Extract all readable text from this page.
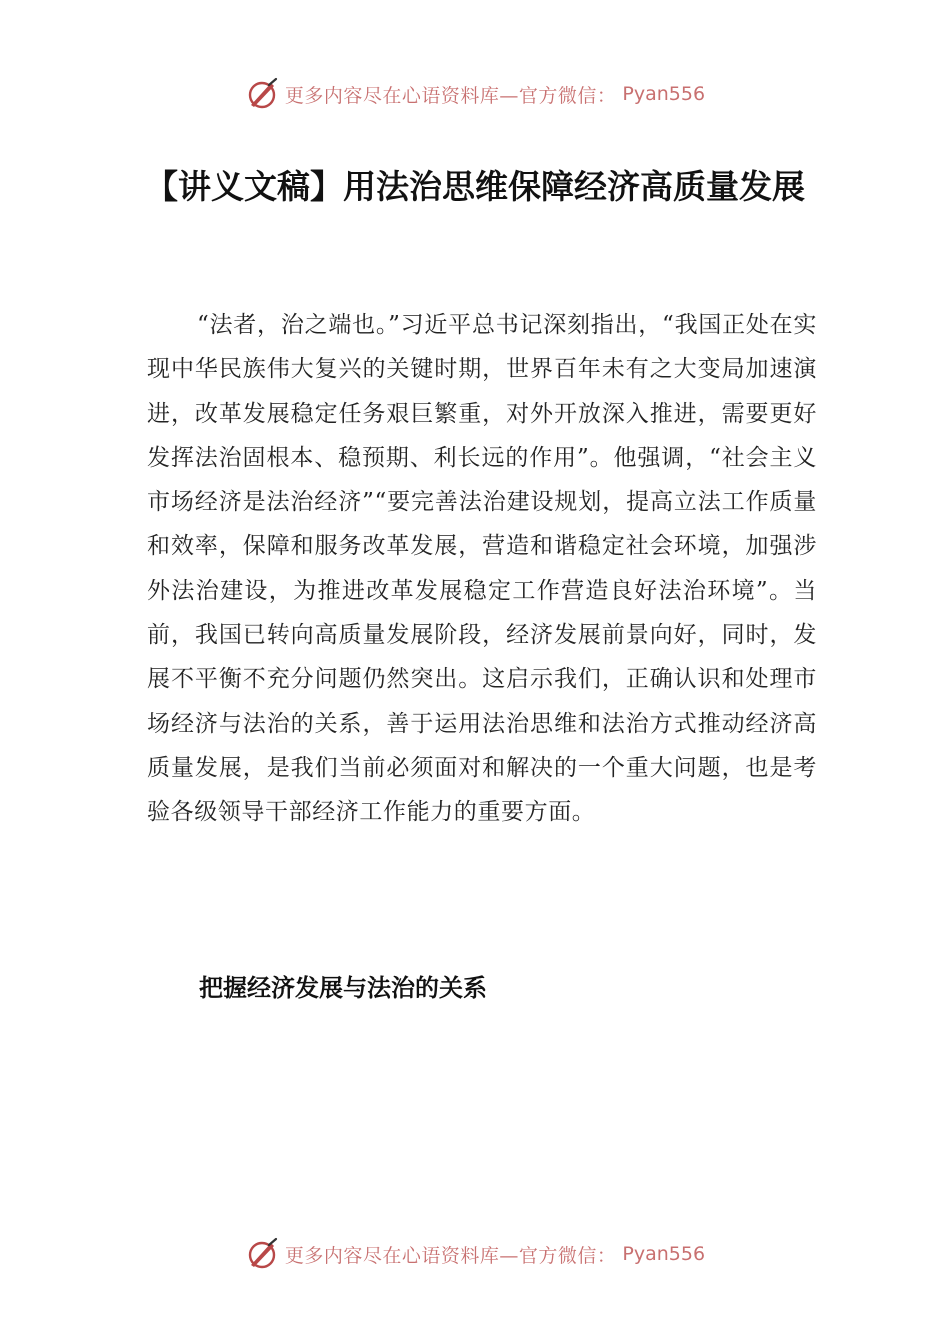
更多内容尽在心语资料库—官方微信： Pyan556
【讲义文稿】用法治思维保障经济高质量发展

“法者，治之端也。”习近平总书记深刻指出，“我国正处在实现中华民族伟大复兴的关键时期，世界百年未有之大变局加速演进，改革发展稳定任务艰巨繁重，对外开放深入推进，需要更好发挥法治固根本、稳预期、利长远的作用”。他强调，“社会主义市场经济是法治经济”“要完善法治建设规划，提高立法工作质量和效率，保障和服务改革发展，营造和谐稳定社会环境，加强涉外法治建设，为推进改革发展稳定工作营造良好法治环境”。当前，我国已转向高质量发展阶段，经济发展前景向好，同时，发展不平衡不充分问题仍然突出。这启示我们，正确认识和处理市场经济与法治的关系，善于运用法治思维和法治方式推动经济高质量发展，是我们当前必须面对和解决的一个重大问题，也是考验各级领导干部经济工作能力的重要方面。

把握经济发展与法治的关系
更多内容尽在心语资料库—官方微信： Pyan556
